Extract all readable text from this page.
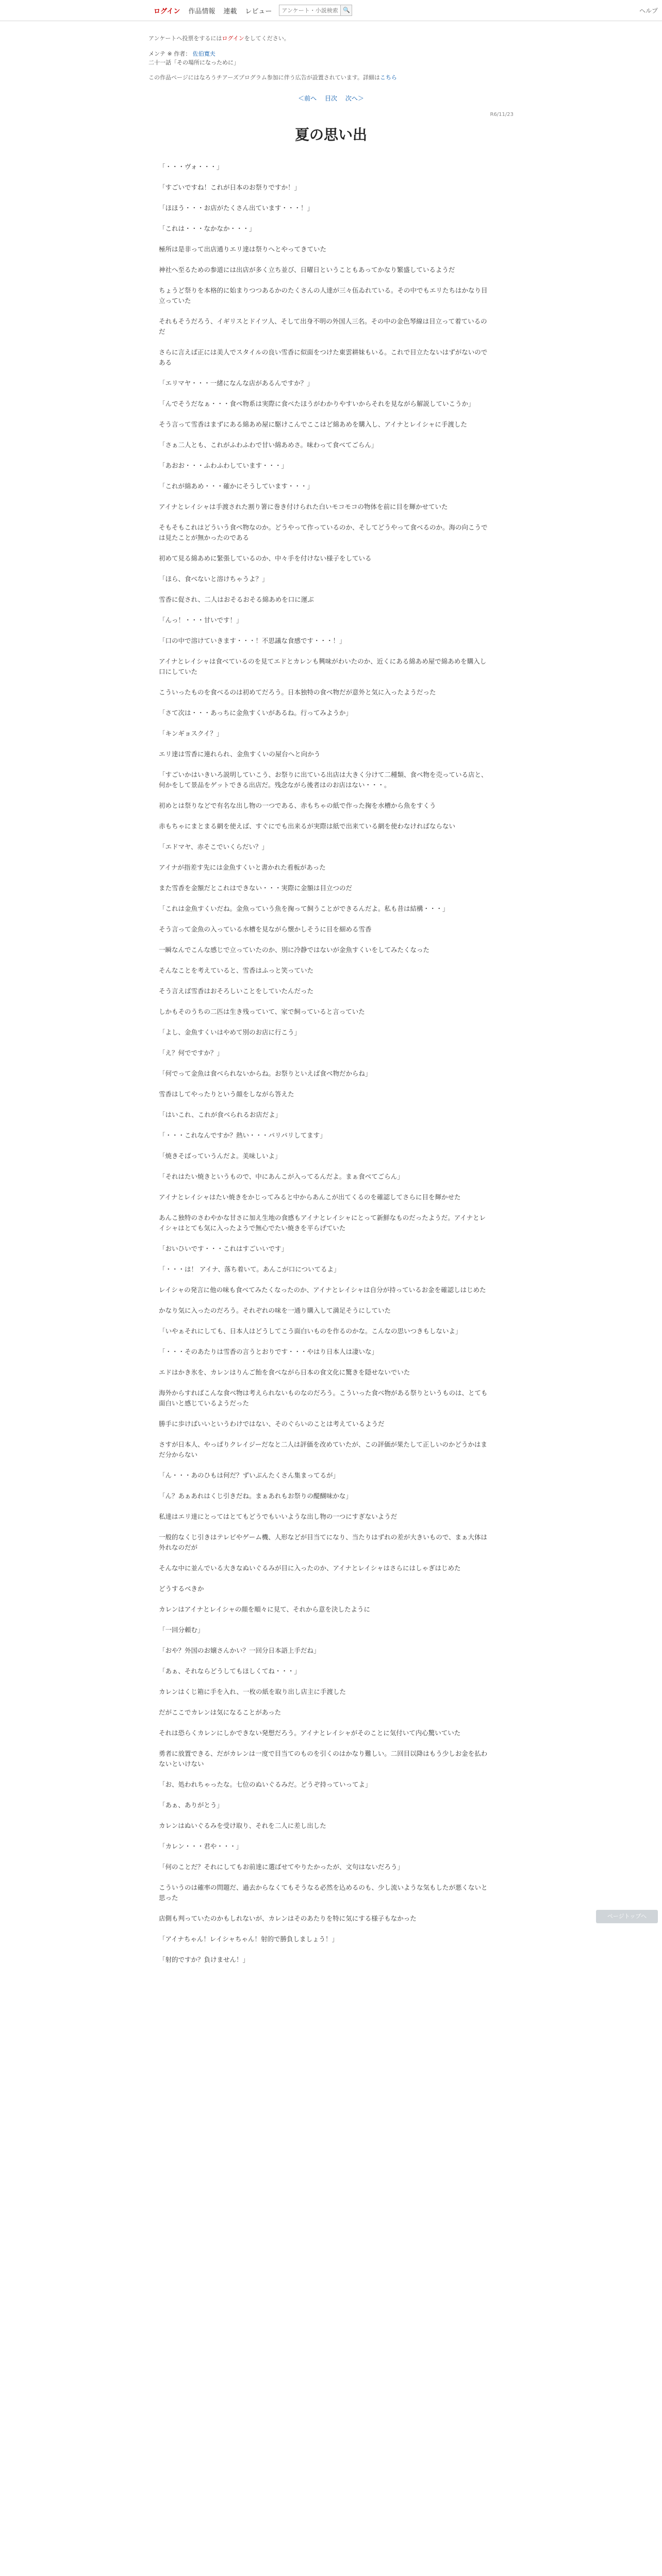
ログイン	作品情報	連載	レビュー
アンケート・小説検索	🔍	ヘルプ
アンケートへ投票をするにはログインをしてください。
メンテ ※ 作者： 佐伯寛夫
二十一話「その場所になっために」
この作品ページにはなろうチアーズプログラム参加に伴う広告が設置されています。詳細はこちら
＜前へ 目次 次へ＞
R6/11/23
夏の思い出

「・・・ヴォ・・・」

「すごいですね！これが日本のお祭りですか！」

「ほほう・・・お店がたくさん出ています・・・！」

「これは・・・なかなか・・・」

極所は是非って出店通りエリ達は祭りへとやってきていた

神社へ至るための参道には出店が多く立ち並び、日曜日ということもあってかなり繁盛しているようだ

ちょうど祭りを本格的に始まりつつあるかのたくさんの人達が三々伍ゐれている。その中でもエリたちはかなり目立っていた

それもそうだろう、イギリスとドイツ人、そして出身不明の外国人三名。その中の金色琴線は目立って着ているのだ

さらに言えば正には美人でスタイルの良い雪香に似面をつけた東雲耕妹もいる。これで目立たないはずがないのである

「エリマヤ・・・一緒になんな店があるんですか？」

「んでそうだなぁ・・・食べ物系は実際に食べたほうがわかりやすいからそれを見ながら解説していこうか」

そう言って雪香はまずにある綿あめ屋に駆けこんでここはど綿あめを購入し、アイナとレイシャに手渡した

「さぁ二人とも、これがふわふわで甘い綿あめさ。味わって食べてごらん」

「あおお・・・ふわふわしています・・・」

「これが綿あめ・・・確かにそうしています・・・」

アイナとレイシャは手渡された割り箸に巻き付けられた白いモコモコの物体を前に目を輝かせていた

そもそもこれはどういう食べ物なのか。どうやって作っているのか、そしてどうやって食べるのか。海の向こうでは見たことが無かったのである

初めて見る綿あめに緊張しているのか、中々手を付けない様子をしている

「ほら、食べないと溶けちゃうよ？」

雪香に促され、二人はおそるおそる綿あめを口に運ぶ

「んっ！・・・甘いです！」

「口の中で溶けていきます・・・！不思議な食感です・・・！」

アイナとレイシャは食べているのを見てエドとカレンも興味がわいたのか、近くにある綿あめ屋で綿あめを購入し口にしていた

こういったものを食べるのは初めてだろう。日本独特の食べ物だが意外と気に入ったようだった

「さて次は・・・あっちに金魚すくいがあるね。行ってみようか」

「キンギョスクイ？」

エリ達は雪香に連れられ、金魚すくいの屋台へと向かう

「すごいかはいきいろ説明していこう、お祭りに出ている出店は大きく分けて二種類、食べ物を売っている店と、何かをして景品をゲットできる出店だ。残念ながら後者はのお店はない・・・。

初めとは祭りなどで有名な出し物の一つである、赤もちゃの紙で作った掬を水槽から魚をすくう

赤もちゃにまとまる網を使えば、すぐにでも出来るが実際は紙で出来ている網を使わなければならない

「エドマヤ、赤そこでいくらだい？」

アイナが指差す先には金魚すくいと書かれた看板があった

また雪香を金額だとこれはできない・・・実際に金額は目立つのだ

「これは金魚すくいだね。金魚っていう魚を掬って飼うことができるんだよ。私も昔は結構・・・」

そう言って金魚の入っている水槽を見ながら懐かしそうに目を細める雪香

一瞬なんでこんな感じで立っていたのか、別に冷静ではないが金魚すくいをしてみたくなった

そんなことを考えていると、雪香はふっと笑っていた

そう言えば雪香はおそろしいことをしていたんだった

しかもそのうちの二匹は生き残っていて、家で飼っていると言っていた

「よし、金魚すくいはやめて別のお店に行こう」

「え？何でですか？」

「何でって金魚は食べられないからね。お祭りといえば食べ物だからね」

雪香はしてやったりという顔をしながら答えた

「はいこれ、これが食べられるお店だよ」

「・・・これなんですか？熱い・・・パリパリしてます」

「焼きそばっていうんだよ。美味しいよ」

「それはたい焼きというもので、中にあんこが入ってるんだよ。まぁ食べてごらん」

アイナとレイシャはたい焼きをかじってみると中からあんこが出てくるのを確認してさらに目を輝かせた

あんこ独特のさわやかな甘さに加え生地の食感もアイナとレイシャにとって新鮮なものだったようだ。アイナとレイシャはとても気に入ったようで無心でたい焼きを平らげていた

「おいひいです・・・これはすごいいです」

「・・・は！ アイナ、落ち着いて。あんこが口についてるよ」

レイシャの発言に他の味も食べてみたくなったのか、アイナとレイシャは自分が持っているお金を確認しはじめた

かなり気に入ったのだろう。それぞれの味を一通り購入して満足そうにしていた

「いやぁそれにしても、日本人はどうしてこう面白いものを作るのかな。こんなの思いつきもしないよ」

「・・・そのあたりは雪香の言うとおりです・・・やはり日本人は凄いな」

エドはかき氷を、カレンはりんご飴を食べながら日本の食文化に驚きを隠せないでいた

海外からすればこんな食べ物は考えられないものなのだろう。こういった食べ物がある祭りというものは、とても面白いと感じているようだった

勝手に歩けばいいというわけではない、そのぐらいのことは考えているようだ

さすが日本人、やっぱりクレイジーだなと二人は評価を改めていたが、この評価が果たして正しいのかどうかはまだ分からない

「ん・・・あのひもは何だ？ずいぶんたくさん集まってるが」

「ん？あぁあれはくじ引きだね。まぁあれもお祭りの醍醐味かな」

私達はエリ達にとってはとてもどうでもいいような出し物の一つにすぎないようだ

一般的なくじ引きはテレビやゲーム機、人形などが目当てになり、当たりはずれの差が大きいもので、まぁ大体は外れなのだが

そんな中に並んでいる大きなぬいぐるみが目に入ったのか、アイナとレイシャはさらにはしゃぎはじめた

どうするべきか

カレンはアイナとレイシャの顔を順々に見て、それから意を決したように

「一回分頼む」

「おや？外国のお嬢さんかい？一回分日本語上手だね」

「あぁ、それならどうしてもほしくてね・・・」

カレンはくじ箱に手を入れ、一枚の紙を取り出し店主に手渡した

だがここでカレンは気になることがあった

それは恐らくカレンにしかできない発想だろう。アイナとレイシャがそのことに気付いて内心驚いていた

勇者に放置できる、だがカレンは一度で目当てのものを引くのはかなり難しい。二回目以降はもう少しお金を払わないといけない

「お、処われちゃったな。七位のぬいぐるみだ。どうぞ持っていってよ」

「あぁ、ありがとう」

カレンはぬいぐるみを受け取り、それを二人に差し出した

「カレン・・・君や・・・」

「何のことだ？それにしてもお前達に選ばせてやりたかったが、文句はないだろう」

こういうのは確率の問題だ、過去からなくてもそうなる必然を込めるのも、少し流いような気もしたが悪くないと思った

店側も判っていたのかもしれないが、カレンはそのあたりを特に気にする様子もなかった

「アイナちゃん！レイシャちゃん！射的で勝負しましょう！」

「射的ですか？負けません！」

ページトップへ
